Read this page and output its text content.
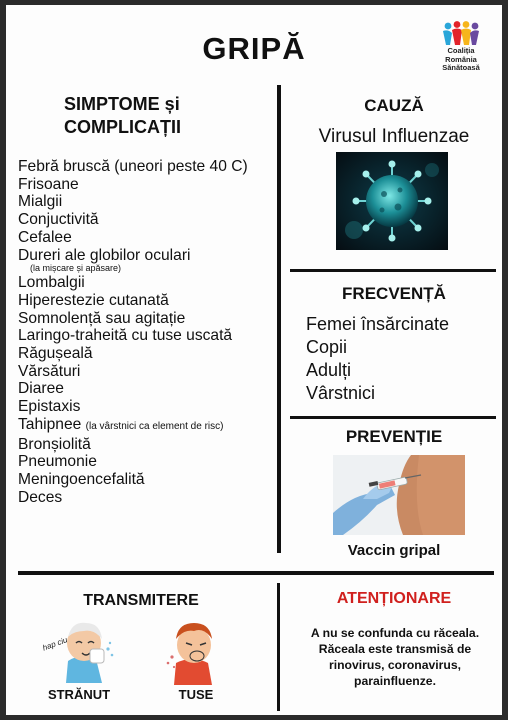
GRIPĂ	Coaliția
România
Sănătoasă
SIMPTOME și
COMPLICAȚII
Febră bruscă (uneori peste 40 C)
Frisoane
Mialgii
Conjuctivită
Cefalee
Dureri ale globilor oculari
(la mișcare și apăsare)
Lombalgii
Hiperestezie cutanată
Somnolență sau agitație
Laringo-traheită cu tuse uscată
Răgușeală
Vărsături
Diaree
Epistaxis
Tahipnee (la vârstnici ca element de risc)
Bronșiolită
Pneumonie
Meningoencefalită
Deces
CAUZĂ
Virusul Influenzae
FRECVENȚĂ
Femei însărcinate
Copii
Adulți
Vârstnici
PREVENȚIE
Vaccin gripal
TRANSMITERE
hap ciu
STRĂNUT	TUSE
ATENȚIONARE
A nu se confunda cu răceala. Răceala este transmisă de rinovirus, coronavirus, parainfluenze.
